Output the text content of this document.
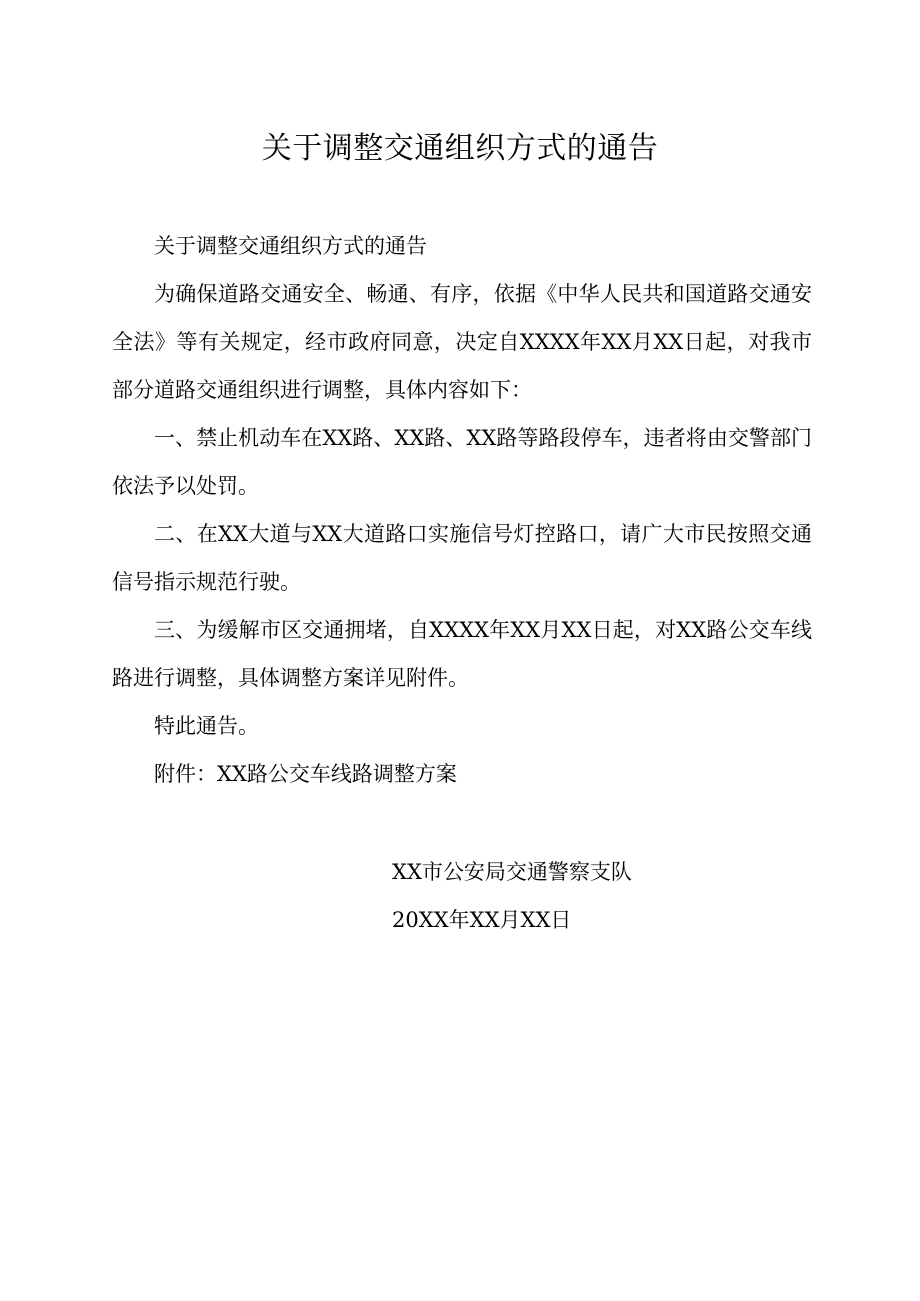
关于调整交通组织方式的通告

关于调整交通组织方式的通告

为确保道路交通安全、畅通、有序，依据《中华人民共和国道路交通安全法》等有关规定，经市政府同意，决定自XXXX年XX月XX日起，对我市部分道路交通组织进行调整，具体内容如下：

一、禁止机动车在XX路、XX路、XX路等路段停车，违者将由交警部门依法予以处罚。

二、在XX大道与XX大道路口实施信号灯控路口，请广大市民按照交通信号指示规范行驶。

三、为缓解市区交通拥堵，自XXXX年XX月XX日起，对XX路公交车线路进行调整，具体调整方案详见附件。

特此通告。

附件：XX路公交车线路调整方案

XX市公安局交通警察支队

20XX年XX月XX日
